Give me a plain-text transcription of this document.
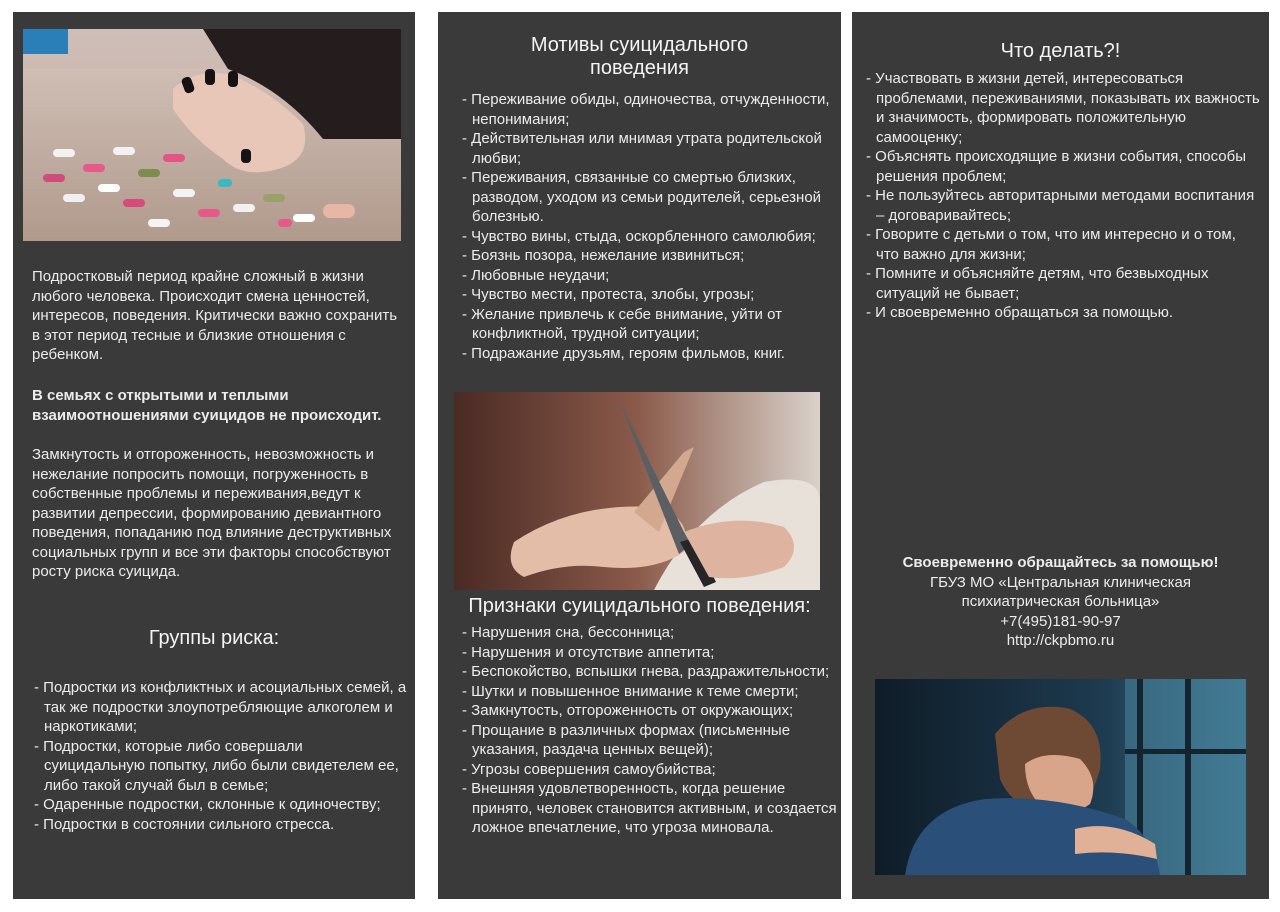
Подростковый период крайне сложный в жизни любого человека. Происходит смена ценностей, интересов, поведения. Критически важно сохранить в этот период тесные и близкие отношения с ребенком.
В семьях с открытыми и теплыми взаимоотношениями суицидов не происходит.
Замкнутость и отгороженность, невозможность и нежелание попросить помощи, погруженность в собственные проблемы и переживания,ведут к развитии депрессии, формированию девиантного поведения, попаданию под влияние деструктивных социальных групп и все эти факторы способствуют росту риска суицида.
Группы риска:
- Подростки из конфликтных и асоциальных семей, а так же подростки злоупотребляющие алкоголем и наркотиками;
- Подростки, которые либо совершали суицидальную попытку, либо были свидетелем ее, либо такой случай был в семье;
- Одаренные подростки, склонные к одиночеству;
- Подростки в состоянии сильного стресса.
Мотивы суицидального поведения
- Переживание обиды, одиночества, отчужденности, непонимания;
- Действительная или мнимая утрата родительской любви;
- Переживания, связанные со смертью близких, разводом, уходом из семьи родителей, серьезной болезнью.
- Чувство вины, стыда, оскорбленного самолюбия;
- Боязнь позора, нежелание извиниться;
- Любовные неудачи;
- Чувство мести, протеста, злобы, угрозы;
- Желание привлечь к себе внимание, уйти от конфликтной, трудной ситуации;
- Подражание друзьям, героям фильмов, книг.
Признаки суицидального поведения:
- Нарушения сна, бессонница;
- Нарушения и отсутствие аппетита;
- Беспокойство, вспышки гнева, раздражительности;
- Шутки и повышенное внимание к теме смерти;
- Замкнутость, отгороженность от окружающих;
- Прощание в различных формах (письменные указания, раздача ценных вещей);
- Угрозы совершения самоубийства;
- Внешняя удовлетворенность, когда решение принято, человек становится активным, и создается ложное впечатление, что угроза миновала.
Что делать?!
- Участвовать в жизни детей, интересоваться проблемами, переживаниями, показывать их важность и значимость, формировать положительную самооценку;
- Объяснять происходящие в жизни события, способы решения проблем;
- Не пользуйтесь авторитарными методами воспитания – договаривайтесь;
- Говорите с детьми о том, что им интересно и о том, что важно для жизни;
- Помните и объясняйте детям, что безвыходных ситуаций не бывает;
- И своевременно обращаться за помощью.
Своевременно обращайтесь за помощью!
ГБУЗ МО «Центральная клиническая
психиатрическая больница»
+7(495)181-90-97
http://ckpbmo.ru
